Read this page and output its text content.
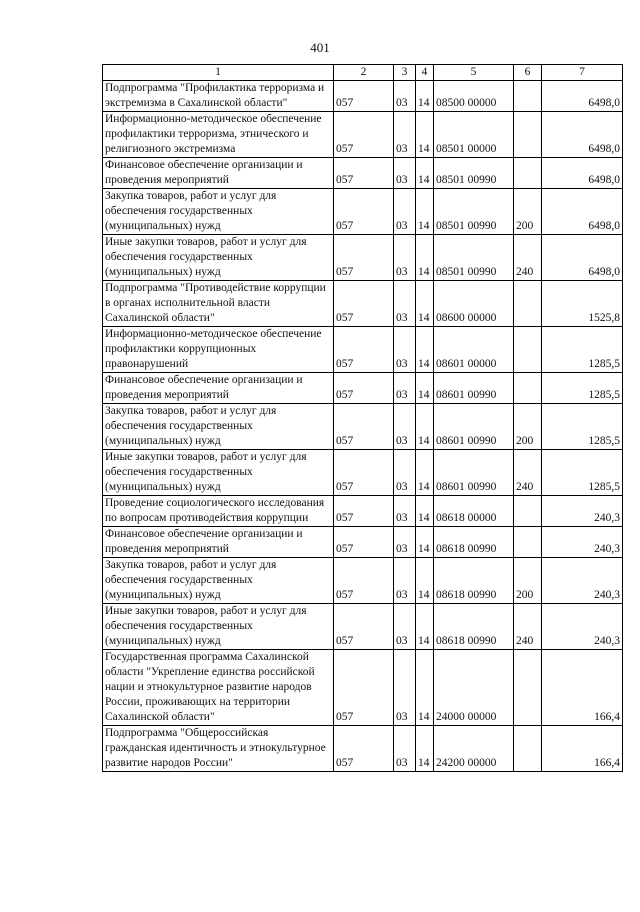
401
1	2	3	4	5	6	7
Подпрограмма "Профилактика терроризма и экстремизма в Сахалинской области"	057	03	14	08500 00000		6498,0
Информационно-методическое обеспечение профилактики терроризма, этнического и религиозного экстремизма	057	03	14	08501 00000		6498,0
Финансовое обеспечение организации и проведения мероприятий	057	03	14	08501 00990		6498,0
Закупка товаров, работ и услуг для обеспечения государственных (муниципальных) нужд	057	03	14	08501 00990	200	6498,0
Иные закупки товаров, работ и услуг для обеспечения государственных (муниципальных) нужд	057	03	14	08501 00990	240	6498,0
Подпрограмма "Противодействие коррупции в органах исполнительной власти Сахалинской области"	057	03	14	08600 00000		1525,8
Информационно-методическое обеспечение профилактики коррупционных правонарушений	057	03	14	08601 00000		1285,5
Финансовое обеспечение организации и проведения мероприятий	057	03	14	08601 00990		1285,5
Закупка товаров, работ и услуг для обеспечения государственных (муниципальных) нужд	057	03	14	08601 00990	200	1285,5
Иные закупки товаров, работ и услуг для обеспечения государственных (муниципальных) нужд	057	03	14	08601 00990	240	1285,5
Проведение социологического исследования по вопросам противодействия коррупции	057	03	14	08618 00000		240,3
Финансовое обеспечение организации и проведения мероприятий	057	03	14	08618 00990		240,3
Закупка товаров, работ и услуг для обеспечения государственных (муниципальных) нужд	057	03	14	08618 00990	200	240,3
Иные закупки товаров, работ и услуг для обеспечения государственных (муниципальных) нужд	057	03	14	08618 00990	240	240,3
Государственная программа Сахалинской области "Укрепление единства российской нации и этнокультурное развитие народов России, проживающих на территории Сахалинской области"	057	03	14	24000 00000		166,4
Подпрограмма "Общероссийская гражданская идентичность и этнокультурное развитие народов России"	057	03	14	24200 00000		166,4
